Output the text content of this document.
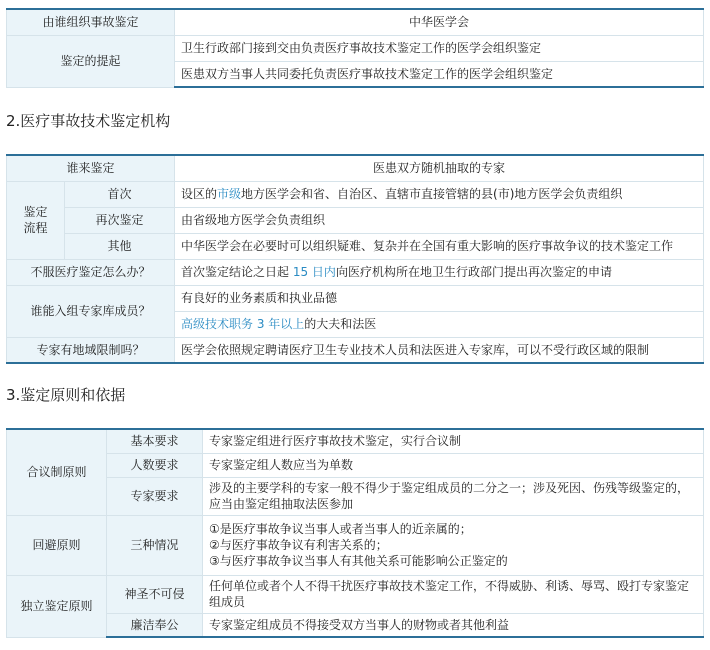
由谁组织事故鉴定	中华医学会
鉴定的提起	卫生行政部门接到交由负责医疗事故技术鉴定工作的医学会组织鉴定
	医患双方当事人共同委托负责医疗事故技术鉴定工作的医学会组织鉴定
2.医疗事故技术鉴定机构
谁来鉴定		医患双方随机抽取的专家
鉴定
流程	首次	设区的市级地方医学会和省、自治区、直辖市直接管辖的县(市)地方医学会负责组织
	再次鉴定	由省级地方医学会负责组织
	其他	中华医学会在必要时可以组织疑难、复杂并在全国有重大影响的医疗事故争议的技术鉴定工作
不服医疗鉴定怎么办？		首次鉴定结论之日起 15 日内向医疗机构所在地卫生行政部门提出再次鉴定的申请
谁能入组专家库成员？		有良好的业务素质和执业品德
		高级技术职务 3 年以上的大夫和法医
专家有地域限制吗？		医学会依照规定聘请医疗卫生专业技术人员和法医进入专家库，可以不受行政区域的限制
3.鉴定原则和依据
合议制原则	基本要求	专家鉴定组进行医疗事故技术鉴定，实行合议制
	人数要求	专家鉴定组人数应当为单数
	专家要求	涉及的主要学科的专家一般不得少于鉴定组成员的二分之一；涉及死因、伤残等级鉴定的，应当由鉴定组抽取法医参加
回避原则	三种情况	①是医疗事故争议当事人或者当事人的近亲属的；
②与医疗事故争议有利害关系的；
③与医疗事故争议当事人有其他关系可能影响公正鉴定的

独立鉴定原则	神圣不可侵	任何单位或者个人不得干扰医疗事故技术鉴定工作，不得威胁、利诱、辱骂、殴打专家鉴定组成员
	廉洁奉公	专家鉴定组成员不得接受双方当事人的财物或者其他利益
